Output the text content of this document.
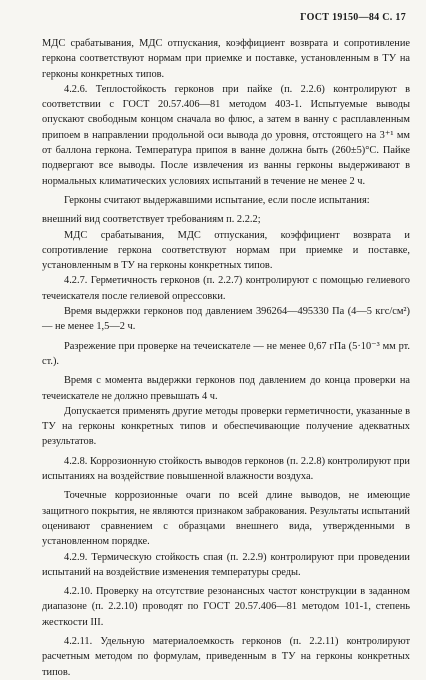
ГОСТ 19150—84 С. 17

МДС срабатывания, МДС отпускания, коэффициент возврата и сопротивление геркона соответствуют нормам при приемке и поставке, установленным в ТУ на герконы конкретных типов.

4.2.6. Теплостойкость герконов при пайке (п. 2.2.6) контролируют в соответствии с ГОСТ 20.57.406—81 методом 403-1. Испытуемые выводы опускают свободным концом сначала во флюс, а затем в ванну с расплавленным припоем в направлении продольной оси вывода до уровня, отстоящего на 3⁺¹ мм от баллона геркона. Температура припоя в ванне должна быть (260±5)°С. Пайке подвергают все выводы. После извлечения из ванны герконы выдерживают в нормальных климатических условиях испытаний в течение не менее 2 ч.

Герконы считают выдержавшими испытание, если после испытания:

внешний вид соответствует требованиям п. 2.2.2;

МДС срабатывания, МДС отпускания, коэффициент возврата и сопротивление геркона соответствуют нормам при приемке и поставке, установленным в ТУ на герконы конкретных типов.

4.2.7. Герметичность герконов (п. 2.2.7) контролируют с помощью гелиевого течеискателя после гелиевой опрессовки.

Время выдержки герконов под давлением 396264—495330 Па (4—5 кгс/см²) — не менее 1,5—2 ч.

Разрежение при проверке на течеискателе — не менее 0,67 гПа (5·10⁻³ мм рт. ст.).

Время с момента выдержки герконов под давлением до конца проверки на течеискателе не должно превышать 4 ч.

Допускается применять другие методы проверки герметичности, указанные в ТУ на герконы конкретных типов и обеспечивающие получение адекватных результатов.

4.2.8. Коррозионную стойкость выводов герконов (п. 2.2.8) контролируют при испытаниях на воздействие повышенной влажности воздуха.

Точечные коррозионные очаги по всей длине выводов, не имеющие защитного покрытия, не являются признаком забракования. Результаты испытаний оценивают сравнением с образцами внешнего вида, утвержденными в установленном порядке.

4.2.9. Термическую стойкость спая (п. 2.2.9) контролируют при проведении испытаний на воздействие изменения температуры среды.

4.2.10. Проверку на отсутствие резонансных частот конструкции в заданном диапазоне (п. 2.2.10) проводят по ГОСТ 20.57.406—81 методом 101-1, степень жесткости III.

4.2.11. Удельную материалоемкость герконов (п. 2.2.11) контролируют расчетным методом по формулам, приведенным в ТУ на герконы конкретных типов.
